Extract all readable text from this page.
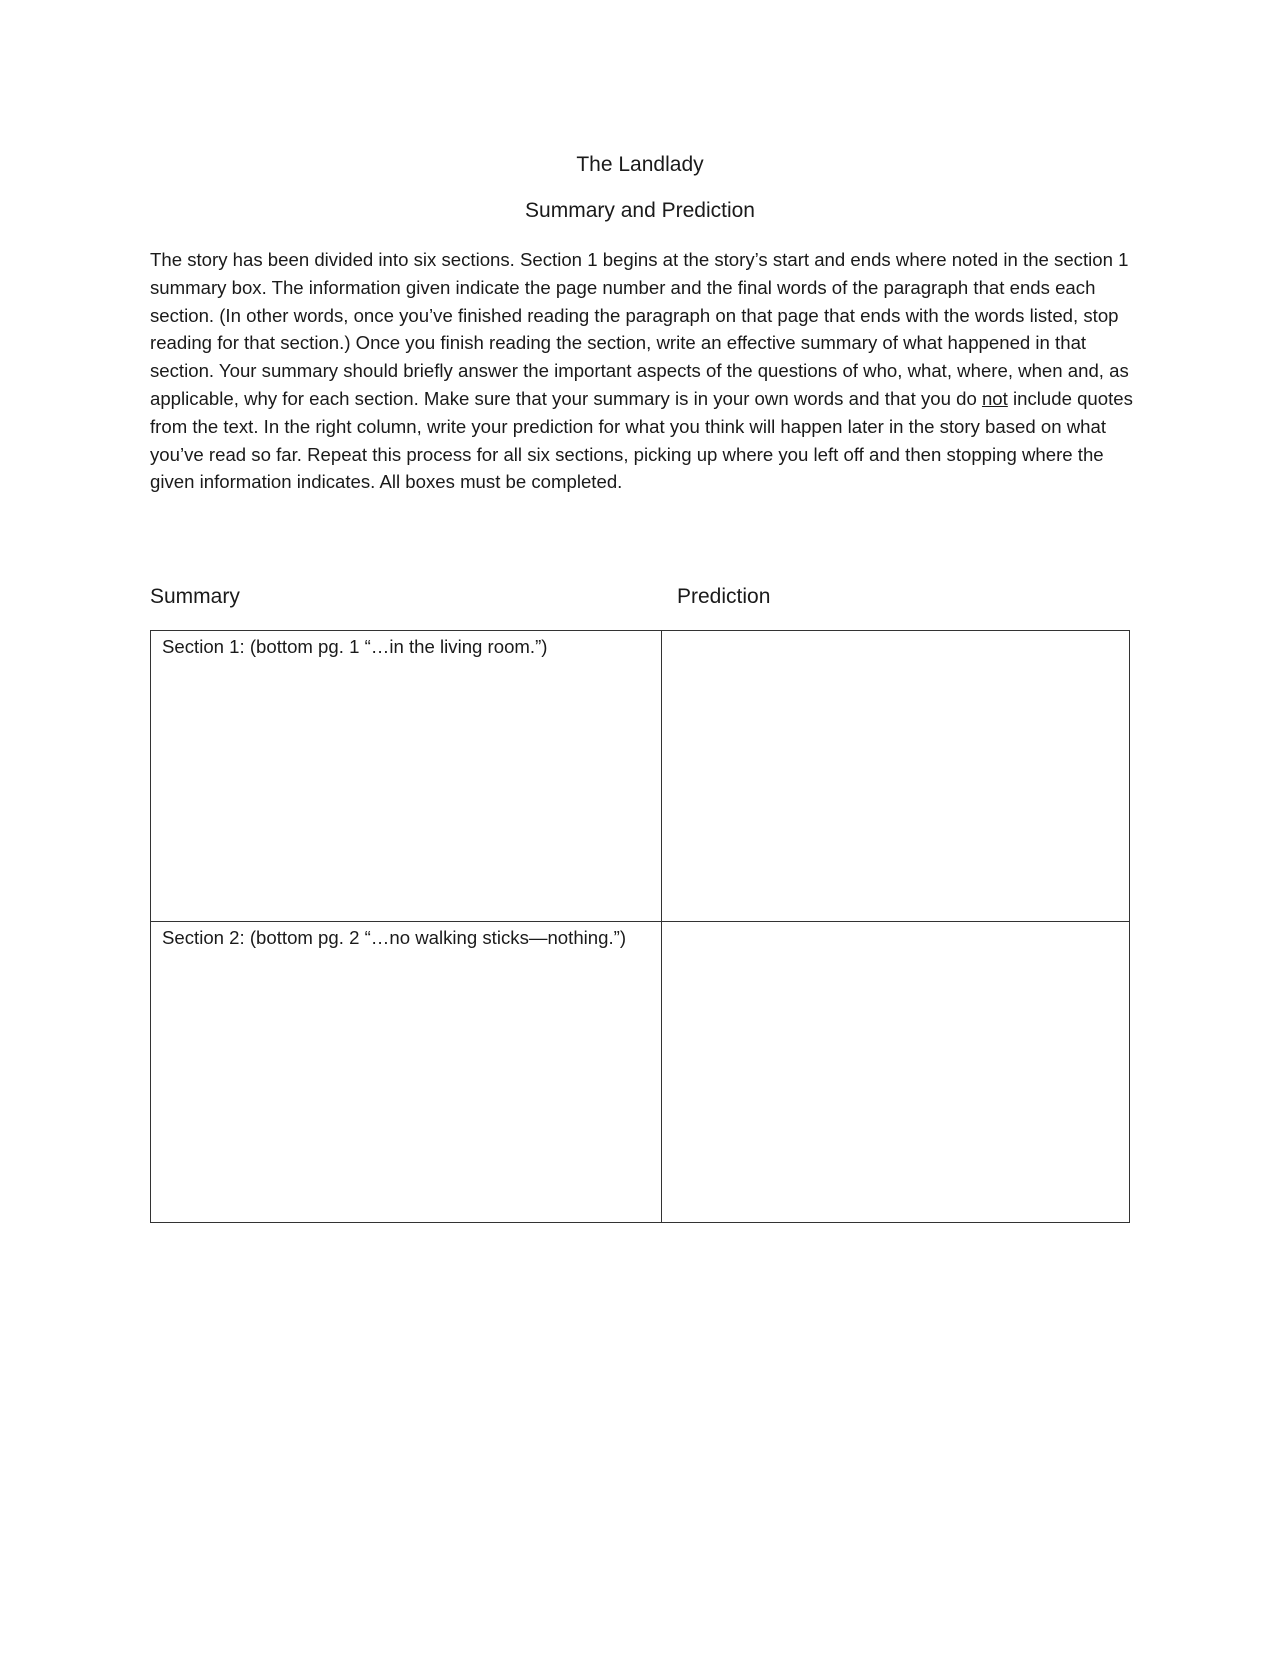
The Landlady
Summary and Prediction

The story has been divided into six sections. Section 1 begins at the story’s start and ends where noted in the section 1 summary box. The information given indicate the page number and the final words of the paragraph that ends each section. (In other words, once you’ve finished reading the paragraph on that page that ends with the words listed, stop reading for that section.) Once you finish reading the section, write an effective summary of what happened in that section. Your summary should briefly answer the important aspects of the questions of who, what, where, when and, as applicable, why for each section. Make sure that your summary is in your own words and that you do not include quotes from the text. In the right column, write your prediction for what you think will happen later in the story based on what you’ve read so far. Repeat this process for all six sections, picking up where you left off and then stopping where the given information indicates. All boxes must be completed.

Summary	Prediction
Section 1: (bottom pg. 1 “…in the living room.”)	

Section 2: (bottom pg. 2 “…no walking sticks—nothing.”)	
